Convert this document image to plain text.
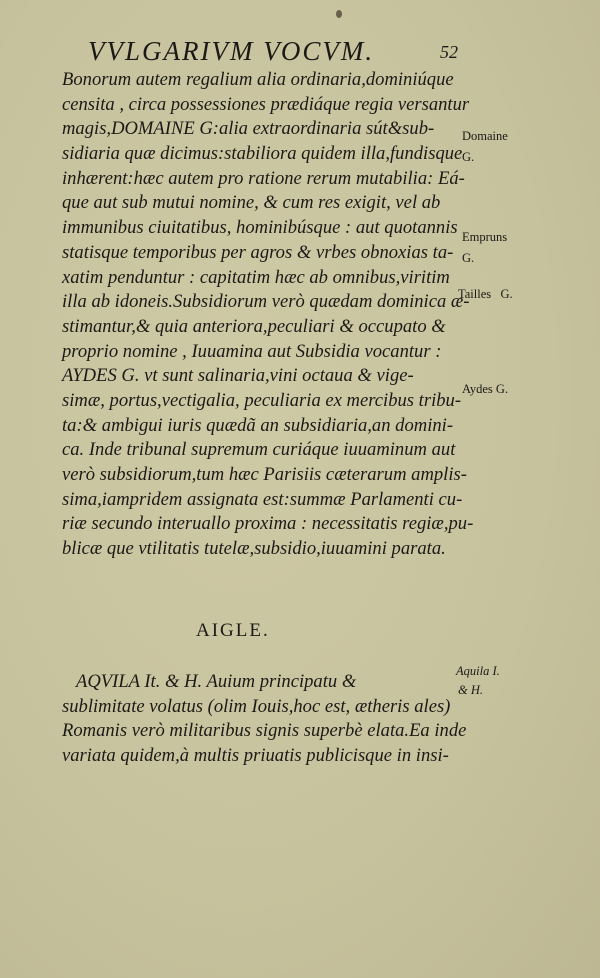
VVLGARIVM VOCVM.	52
Bonorum autem regalium alia ordinaria,dominiúque
censita , circa possessiones prædiáque regia versantur
magis,DOMAINE G:alia extraordinaria sút&sub-
sidiaria quæ dicimus:stabiliora quidem illa,fundisque
inhærent:hæc autem pro ratione rerum mutabilia: Eá-
que aut sub mutui nomine, & cum res exigit, vel ab
immunibus ciuitatibus, hominibúsque : aut quotannis
statisque temporibus per agros & vrbes obnoxias ta-
xatim penduntur : capitatim hæc ab omnibus,viritim
illa ab idoneis.Subsidiorum verò quædam dominica æ-
stimantur,& quia anteriora,peculiari & occupato &
proprio nomine , Iuuamina aut Subsidia vocantur :
AYDES G. vt sunt salinaria,vini octaua & vige-
simæ, portus,vectigalia, peculiaria ex mercibus tribu-
ta:& ambigui iuris quædã an subsidiaria,an domini-
ca. Inde tribunal supremum curiáque iuuaminum aut
verò subsidiorum,tum hæc Parisiis cæterarum amplis-
sima,iampridem assignata est:summæ Parlamenti cu-
riæ secundo interuallo proxima : necessitatis regiæ,pu-
blicæ que vtilitatis tutelæ,subsidio,iuuamini parata.
Domaine
G.
Empruns
G.
Tailles   G.
Aydes G.
AIGLE.
AQVILA It. & H. Auium principatu &
sublimitate volatus (olim Iouis,hoc est, ætheris ales)
Romanis verò militaribus signis superbè elata.Ea inde
variata quidem,à multis priuatis publicisque in insi-
Aquila I.
& H.
